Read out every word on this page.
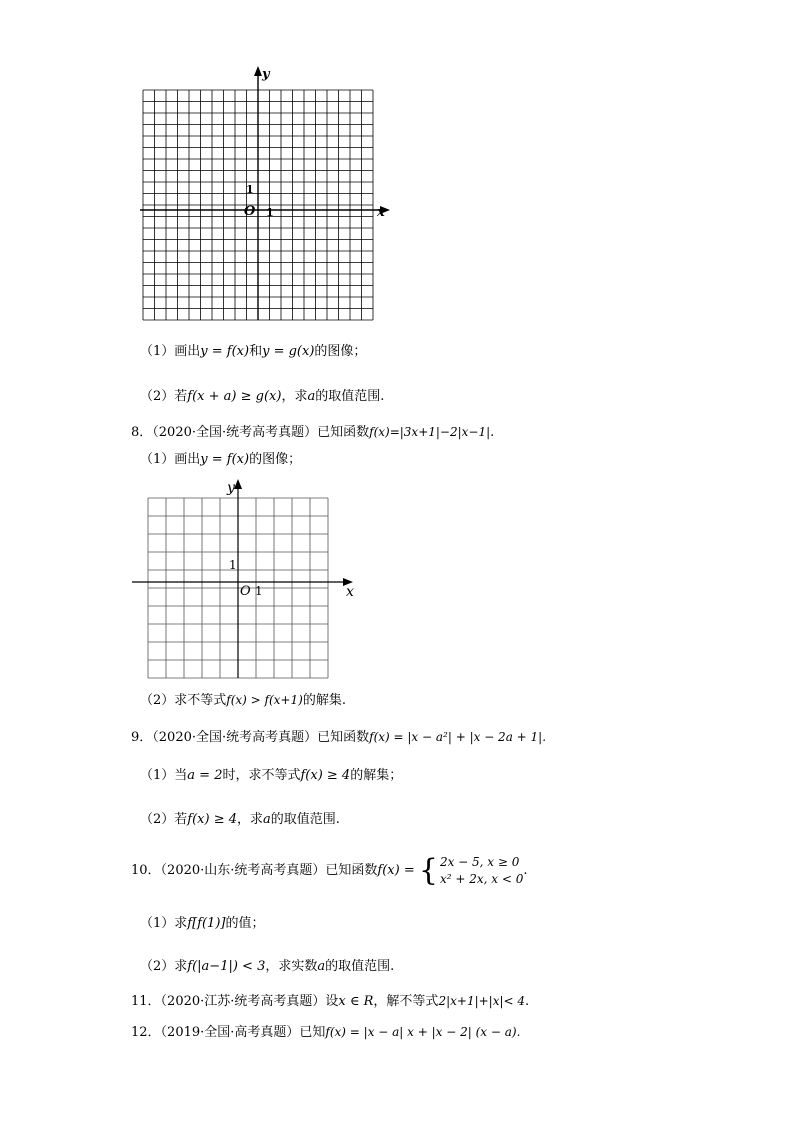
y
x
O
1
1
（1）画出y = f(x)和y = g(x)的图像；
（2）若f(x + a) ≥ g(x)，求a的取值范围.
8．（2020·全国·统考高考真题）已知函数f(x)=|3x+1|−2|x−1|.
（1）画出y = f(x)的图像；
y
x
O
1
1
（2）求不等式f(x) > f(x+1)的解集.
9．（2020·全国·统考高考真题）已知函数f(x) = |x − a²| + |x − 2a + 1|.
（1）当a = 2时，求不等式f(x) ≥ 4的解集；
（2）若f(x) ≥ 4，求a的取值范围.
10．（2020·山东·统考高考真题）已知函数f(x) = { 2x − 5, x ≥ 0
x² + 2x, x < 0.
（1）求f[f(1)]的值；
（2）求f(|a−1|) < 3，求实数a的取值范围.
11．（2020·江苏·统考高考真题）设x ∈ R，解不等式2|x+1|+|x|< 4.
12．（2019·全国·高考真题）已知f(x) = |x − a| x + |x − 2| (x − a).
